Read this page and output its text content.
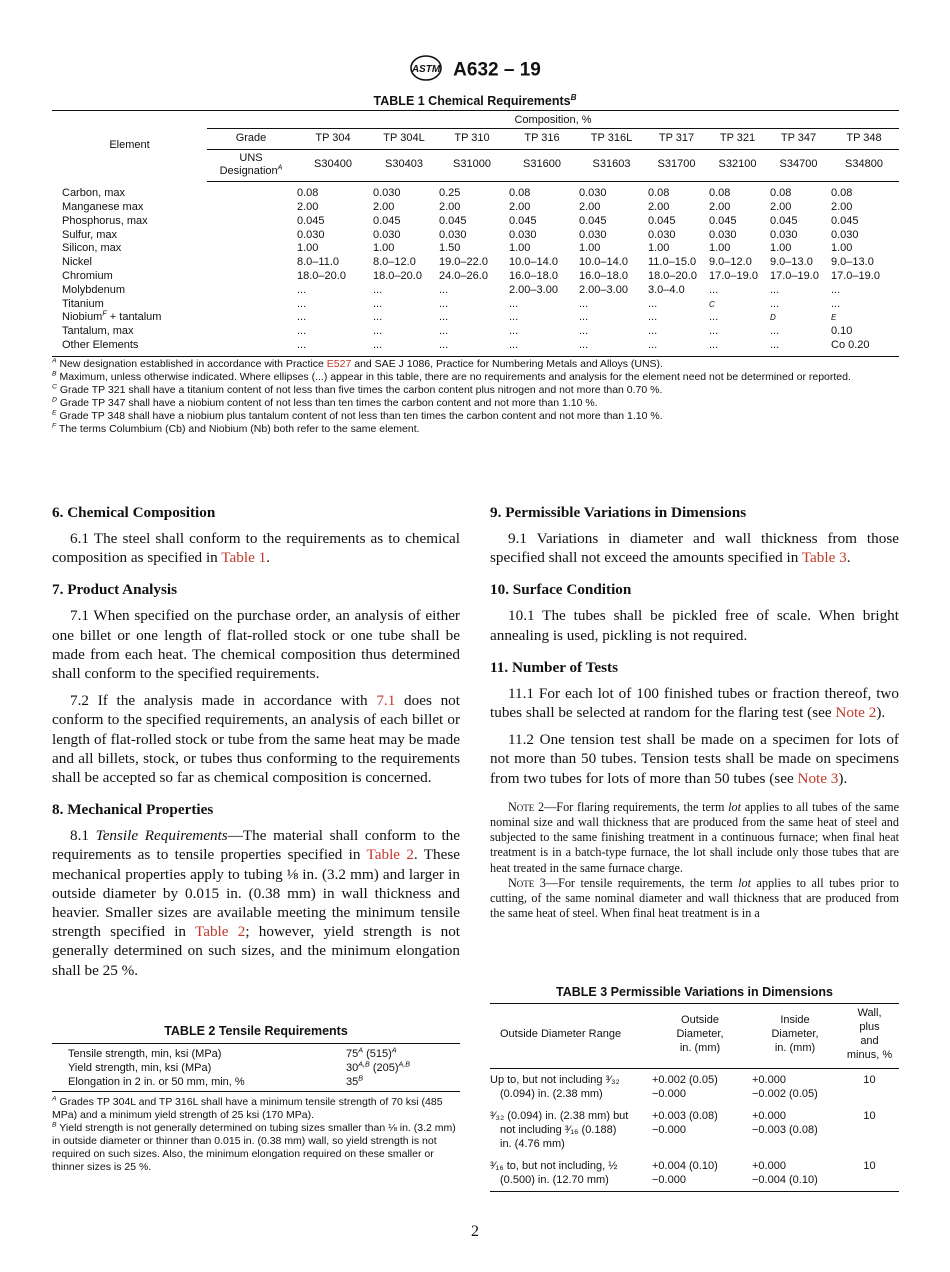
ASTM A632 – 19
TABLE 1 Chemical Requirements$^B$
Element	Composition, %									
	Grade	TP 304	TP 304L	TP 310	TP 316	TP 316L	TP 317	TP 321	TP 347	TP 348
	UNS
Designation$^A$	S30400	S30403	S31000	S31600	S31603	S31700	S32100	S34700	S34800
Carbon, max		0.08	0.030	0.25	0.08	0.030	0.08	0.08	0.08	0.08
Manganese max		2.00	2.00	2.00	2.00	2.00	2.00	2.00	2.00	2.00
Phosphorus, max		0.045	0.045	0.045	0.045	0.045	0.045	0.045	0.045	0.045
Sulfur, max		0.030	0.030	0.030	0.030	0.030	0.030	0.030	0.030	0.030
Silicon, max		1.00	1.00	1.50	1.00	1.00	1.00	1.00	1.00	1.00
Nickel		8.0–11.0	8.0–12.0	19.0–22.0	10.0–14.0	10.0–14.0	11.0–15.0	9.0–12.0	9.0–13.0	9.0–13.0
Chromium		18.0–20.0	18.0–20.0	24.0–26.0	16.0–18.0	16.0–18.0	18.0–20.0	17.0–19.0	17.0–19.0	17.0–19.0
Molybdenum		...	...	...	2.00–3.00	2.00–3.00	3.0–4.0	...	...	...
Titanium		...	...	...	...	...	...	C	...	...
Niobium$^F$ + tantalum		...	...	...	...	...	...	...	D	E
Tantalum, max		...	...	...	...	...	...	...	...	0.10
Other Elements		...	...	...	...	...	...	...	...	Co 0.20
$^A$ New designation established in accordance with Practice E527 and SAE J 1086, Practice for Numbering Metals and Alloys (UNS).
$^B$ Maximum, unless otherwise indicated. Where ellipses (...) appear in this table, there are no requirements and analysis for the element need not be determined or reported.
$^C$ Grade TP 321 shall have a titanium content of not less than five times the carbon content plus nitrogen and not more than 0.70 %.
$^D$ Grade TP 347 shall have a niobium content of not less than ten times the carbon content and not more than 1.10 %.
$^E$ Grade TP 348 shall have a niobium plus tantalum content of not less than ten times the carbon content and not more than 1.10 %.
$^F$ The terms Columbium (Cb) and Niobium (Nb) both refer to the same element.
6. Chemical Composition

6.1 The steel shall conform to the requirements as to chemical composition as specified in Table 1.

7. Product Analysis

7.1 When specified on the purchase order, an analysis of either one billet or one length of flat-rolled stock or one tube shall be made from each heat. The chemical composition thus determined shall conform to the specified requirements.

7.2 If the analysis made in accordance with 7.1 does not conform to the specified requirements, an analysis of each billet or length of flat-rolled stock or tube from the same heat may be made and all billets, stock, or tubes thus conforming to the requirements shall be accepted so far as chemical composition is concerned.

8. Mechanical Properties

8.1 Tensile Requirements—The material shall conform to the requirements as to tensile properties specified in Table 2. These mechanical properties apply to tubing ⅛ in. (3.2 mm) and larger in outside diameter by 0.015 in. (0.38 mm) in wall thickness and heavier. Smaller sizes are available meeting the minimum tensile strength specified in Table 2; however, yield strength is not generally determined on such sizes, and the minimum elongation shall be 25 %.

9. Permissible Variations in Dimensions

9.1 Variations in diameter and wall thickness from those specified shall not exceed the amounts specified in Table 3.

10. Surface Condition

10.1 The tubes shall be pickled free of scale. When bright annealing is used, pickling is not required.

11. Number of Tests

11.1 For each lot of 100 finished tubes or fraction thereof, two tubes shall be selected at random for the flaring test (see Note 2).

11.2 One tension test shall be made on a specimen for lots of not more than 50 tubes. Tension tests shall be made on specimens from two tubes for lots of more than 50 tubes (see Note 3).

Note 2—For flaring requirements, the term lot applies to all tubes of the same nominal size and wall thickness that are produced from the same heat of steel and subjected to the same finishing treatment in a continuous furnace; when final heat treatment is in a batch-type furnace, the lot shall include only those tubes that are heat treated in the same furnace charge.

Note 3—For tensile requirements, the term lot applies to all tubes prior to cutting, of the same nominal diameter and wall thickness that are produced from the same heat of steel. When final heat treatment is in a

TABLE 2 Tensile Requirements
Tensile strength, min, ksi (MPa)	$75^A$ $(515)^A$
Yield strength, min, ksi (MPa)	$30^{A,B}$ $(205)^{A,B}$
Elongation in 2 in. or 50 mm, min, %	$35^B$
$^A$ Grades TP 304L and TP 316L shall have a minimum tensile strength of 70 ksi (485 MPa) and a minimum yield strength of 25 ksi (170 MPa).
$^B$ Yield strength is not generally determined on tubing sizes smaller than ⅛ in. (3.2 mm) in outside diameter or thinner than 0.015 in. (0.38 mm) wall, so yield strength is not required on such sizes. Also, the minimum elongation required on these smaller or thinner sizes is 25 %.
TABLE 3 Permissible Variations in Dimensions
Outside Diameter Range	Outside
Diameter,
in. (mm)	Inside
Diameter,
in. (mm)	Wall,
plus
and
minus, %

Up to, but not including ³⁄₃₂
(0.094) in. (2.38 mm)	+0.002 (0.05)
−0.000	+0.000
−0.002 (0.05)	10

³⁄₃₂ (0.094) in. (2.38 mm) but
not including ³⁄₁₆ (0.188)
in. (4.76 mm)	+0.003 (0.08)
−0.000	+0.000
−0.003 (0.08)	10

³⁄₁₆ to, but not including, ½
(0.500) in. (12.70 mm)	+0.004 (0.10)
−0.000	+0.000
−0.004 (0.10)	10
2
